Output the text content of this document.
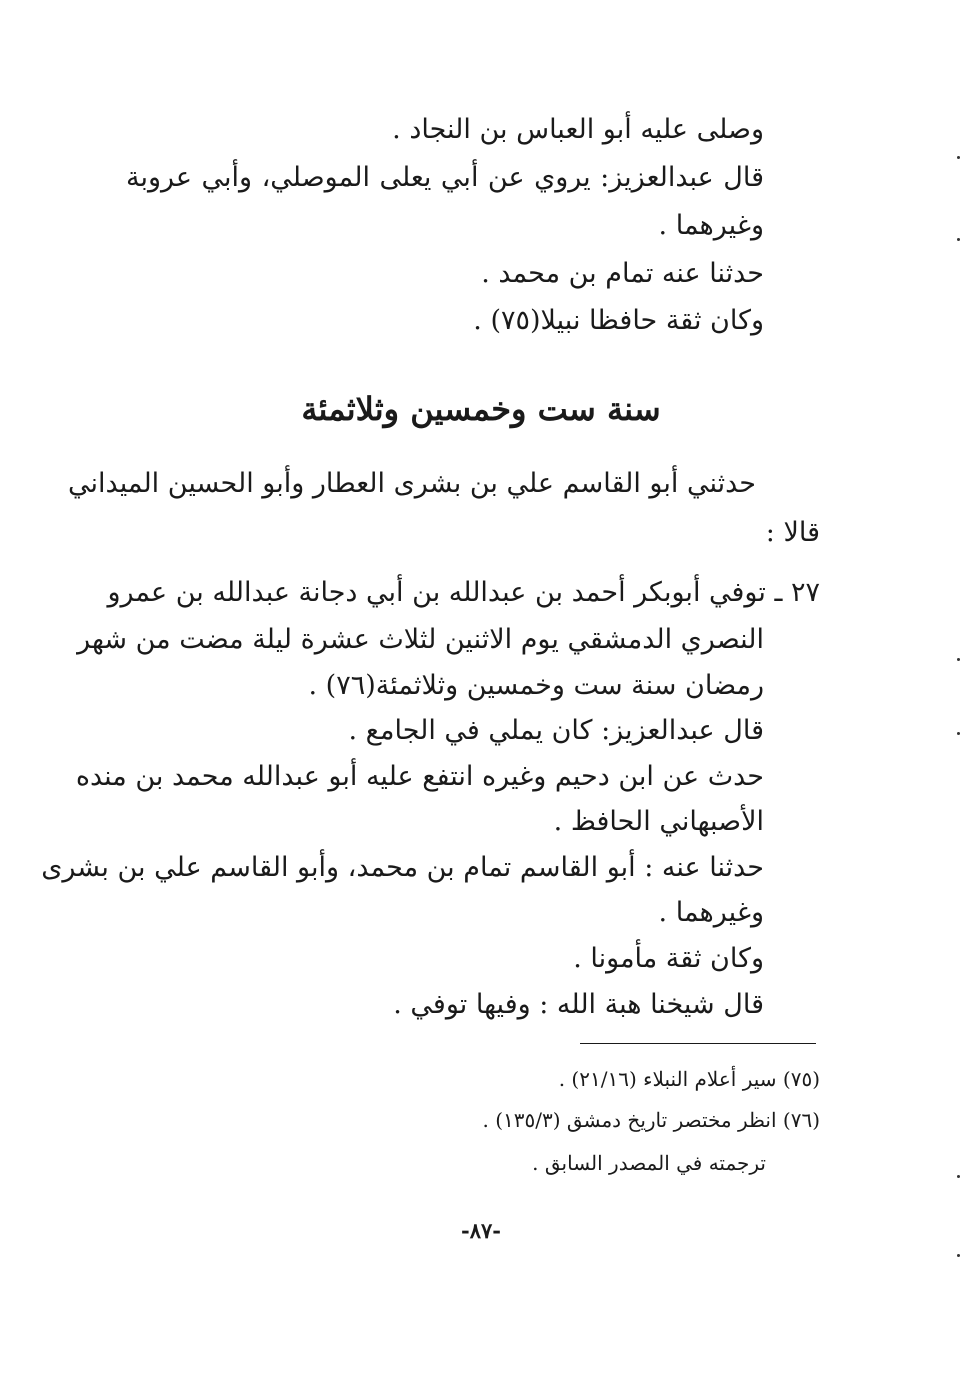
وصلى عليه أبو العباس بن النجاد .
قال عبدالعزيز: يروي عن أبي يعلى الموصلي، وأبي عروبة
وغيرهما .
حدثنا عنه تمام بن محمد .
وكان ثقة حافظا نبيلا(٧٥) .
سنة ست وخمسين وثلاثمئة
حدثني أبو القاسم علي بن بشرى العطار وأبو الحسين الميداني
قالا :
٢٧ ـ توفي أبوبكر أحمد بن عبدالله بن أبي دجانة عبدالله بن عمرو
النصري الدمشقي يوم الاثنين لثلاث عشرة ليلة مضت من شهر
رمضان سنة ست وخمسين وثلاثمئة(٧٦) .
قال عبدالعزيز: كان يملي في الجامع .
حدث عن ابن دحيم وغيره انتفع عليه أبو عبدالله محمد بن منده
الأصبهاني الحافظ .
حدثنا عنه : أبو القاسم تمام بن محمد، وأبو القاسم علي بن بشرى
وغيرهما .
وكان ثقة مأمونا .
قال شيخنا هبة الله : وفيها توفي .
(٧٥) سير أعلام النبلاء (٢١/١٦) .
(٧٦) انظر مختصر تاريخ دمشق (١٣٥/٣) .
ترجمته في المصدر السابق .
-٨٧-
